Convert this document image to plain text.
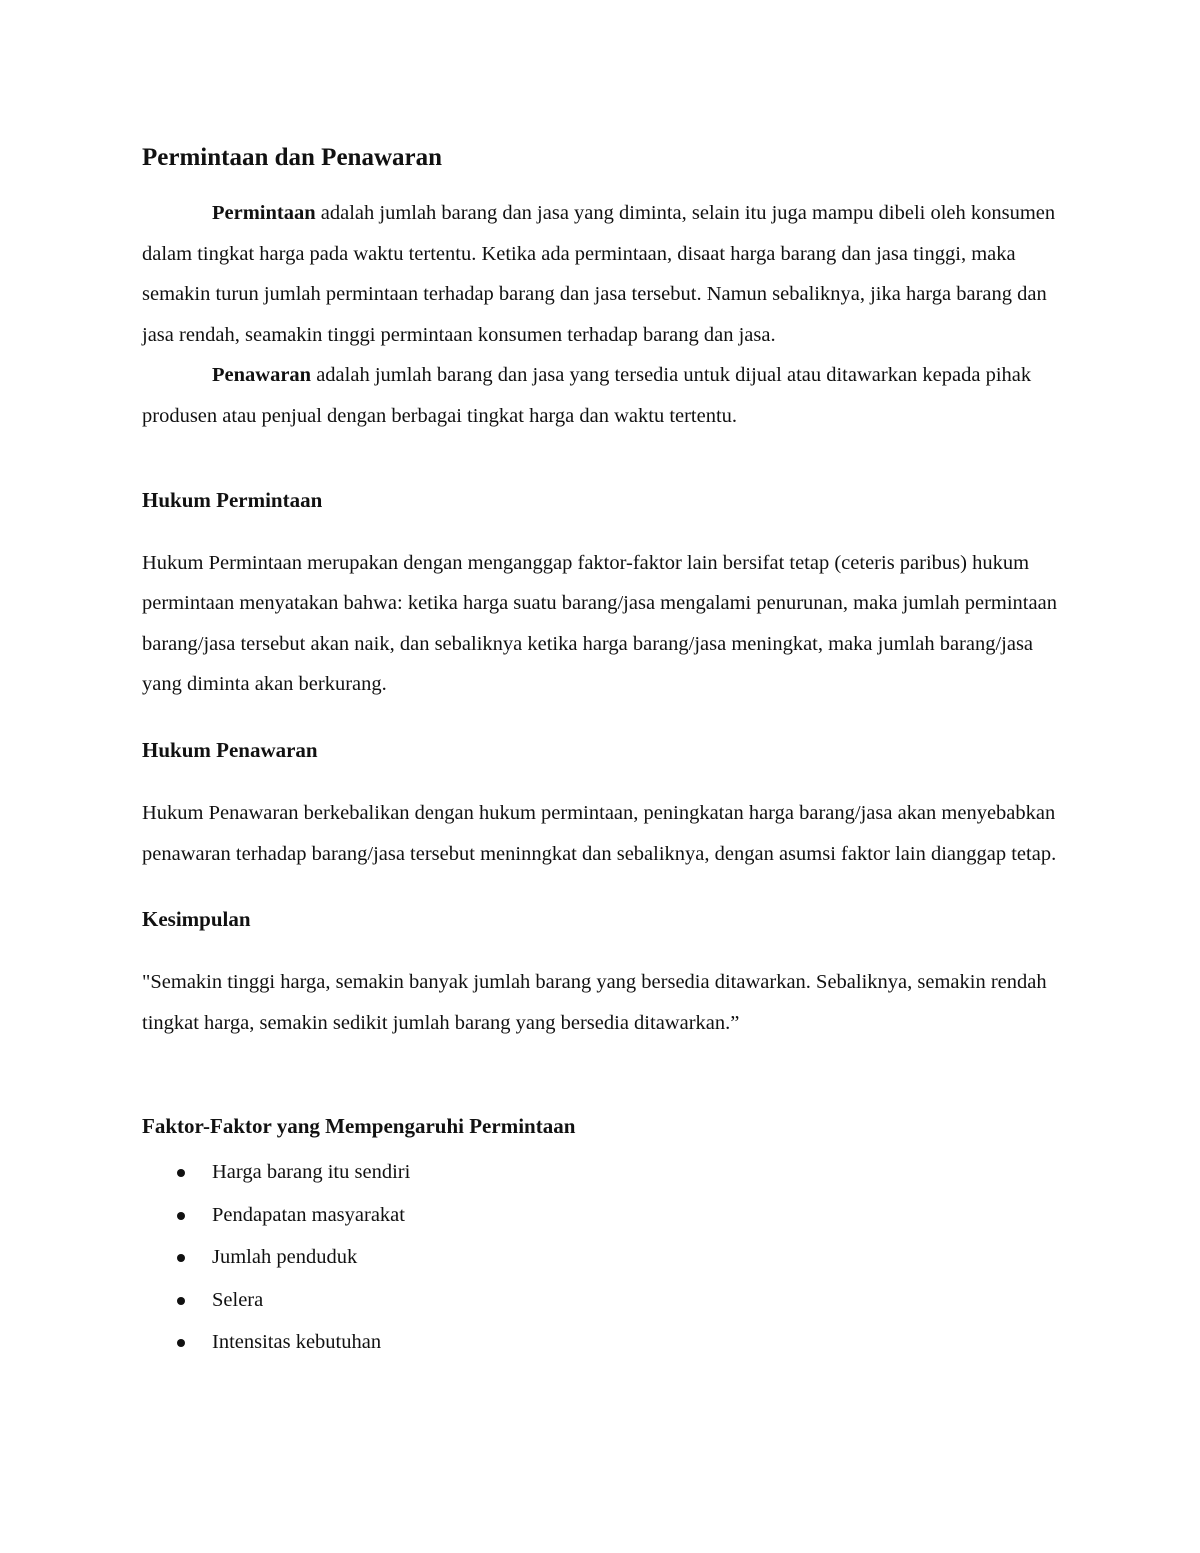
Permintaan dan Penawaran

Permintaan adalah jumlah barang dan jasa yang diminta, selain itu juga mampu dibeli oleh konsumen dalam tingkat harga pada waktu tertentu. Ketika ada permintaan, disaat harga barang dan jasa tinggi, maka semakin turun jumlah permintaan terhadap barang dan jasa tersebut. Namun sebaliknya, jika harga barang dan jasa rendah, seamakin tinggi permintaan konsumen terhadap barang dan jasa.

Penawaran adalah jumlah barang dan jasa yang tersedia untuk dijual atau ditawarkan kepada pihak produsen atau penjual dengan berbagai tingkat harga dan waktu tertentu.

Hukum Permintaan

Hukum Permintaan merupakan dengan menganggap faktor-faktor lain bersifat tetap (ceteris paribus) hukum permintaan menyatakan bahwa: ketika harga suatu barang/jasa mengalami penurunan, maka jumlah permintaan barang/jasa tersebut akan naik, dan sebaliknya ketika harga barang/jasa meningkat, maka jumlah barang/jasa yang diminta akan berkurang.

Hukum Penawaran

Hukum Penawaran berkebalikan dengan hukum permintaan, peningkatan harga barang/jasa akan menyebabkan penawaran terhadap barang/jasa tersebut meninngkat dan sebaliknya, dengan asumsi faktor lain dianggap tetap.

Kesimpulan

"Semakin tinggi harga, semakin banyak jumlah barang yang bersedia ditawarkan. Sebaliknya, semakin rendah tingkat harga, semakin sedikit jumlah barang yang bersedia ditawarkan.”

Faktor-Faktor yang Mempengaruhi Permintaan
Harga barang itu sendiri
Pendapatan masyarakat
Jumlah penduduk
Selera
Intensitas kebutuhan
